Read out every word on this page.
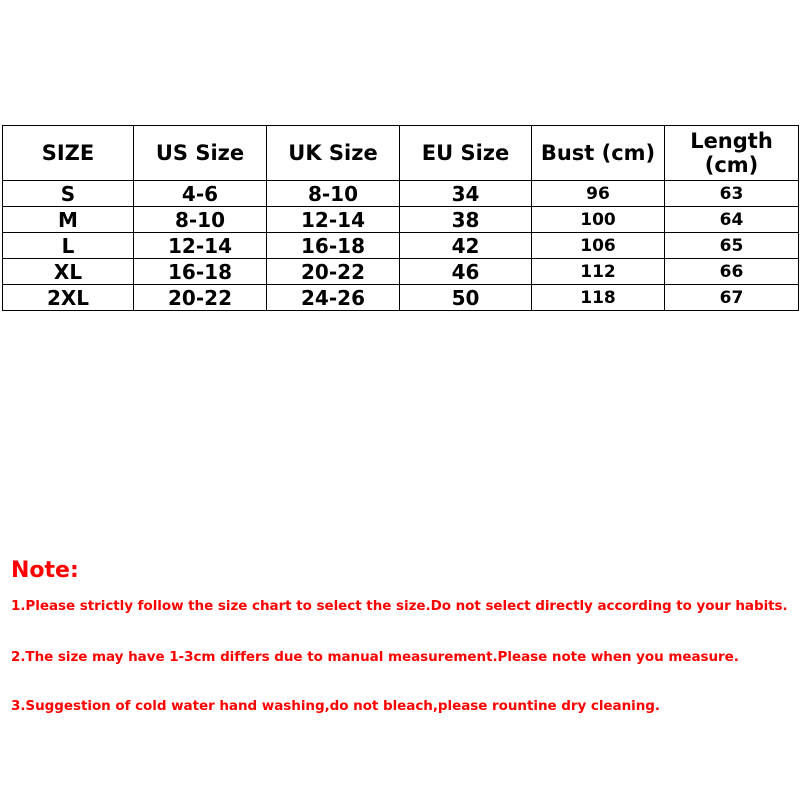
SIZE	US Size	UK Size	EU Size	Bust (cm)	Length (cm)
S	4-6	8-10	34	96	63
M	8-10	12-14	38	100	64
L	12-14	16-18	42	106	65
XL	16-18	20-22	46	112	66
2XL	20-22	24-26	50	118	67

Note:

1.Please strictly follow the size chart to select the size.Do not select directly according to your habits.

2.The size may have 1-3cm differs due to manual measurement.Please note when you measure.

3.Suggestion of cold water hand washing,do not bleach,please rountine dry cleaning.
